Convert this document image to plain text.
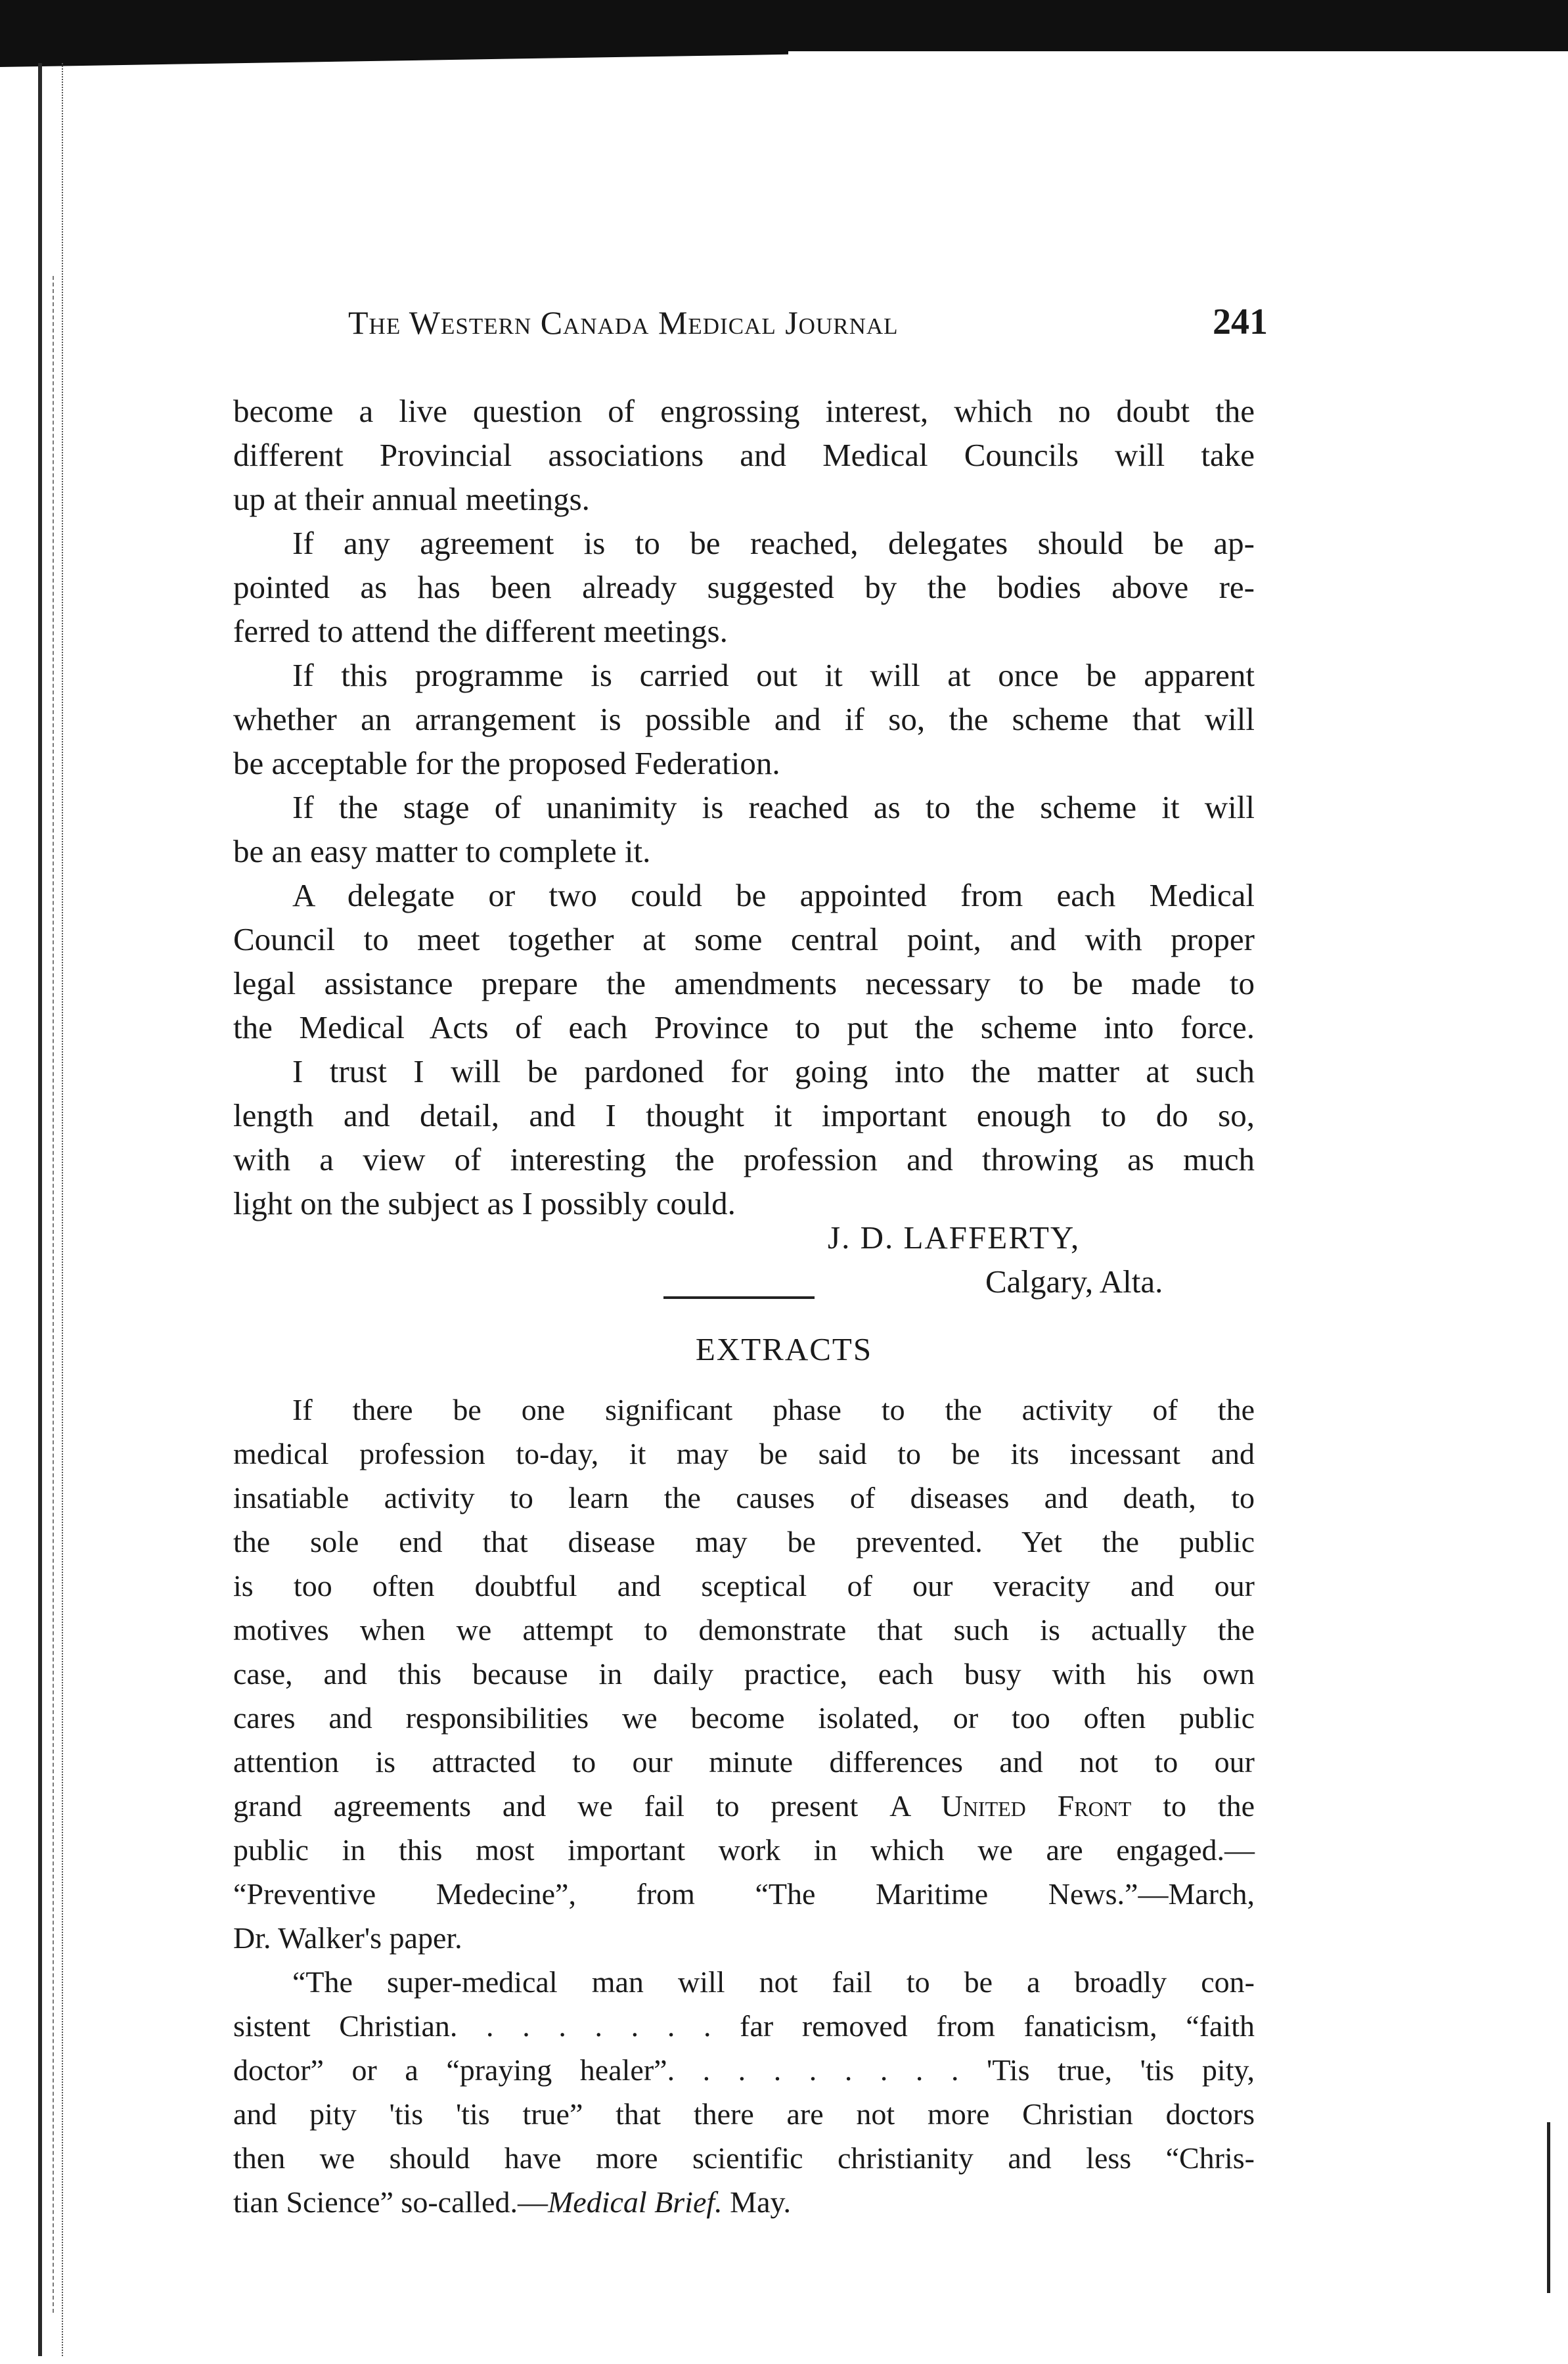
The Western Canada Medical Journal	241
become a live question of engrossing interest, which no doubt the
different Provincial associations and Medical Councils will take
up at their annual meetings.
If any agreement is to be reached, delegates should be ap-
pointed as has been already suggested by the bodies above re-
ferred to attend the different meetings.
If this programme is carried out it will at once be apparent
whether an arrangement is possible and if so, the scheme that will
be acceptable for the proposed Federation.
If the stage of unanimity is reached as to the scheme it will
be an easy matter to complete it.
A delegate or two could be appointed from each Medical
Council to meet together at some central point, and with proper
legal assistance prepare the amendments necessary to be made to
the Medical Acts of each Province to put the scheme into force.
I trust I will be pardoned for going into the matter at such
length and detail, and I thought it important enough to do so,
with a view of interesting the profession and throwing as much
light on the subject as I possibly could.
J. D. LAFFERTY,
Calgary, Alta.
EXTRACTS
If there be one significant phase to the activity of the
medical profession to-day, it may be said to be its incessant and
insatiable activity to learn the causes of diseases and death, to
the sole end that disease may be prevented. Yet the public
is too often doubtful and sceptical of our veracity and our
motives when we attempt to demonstrate that such is actually the
case, and this because in daily practice, each busy with his own
cares and responsibilities we become isolated, or too often public
attention is attracted to our minute differences and not to our
grand agreements and we fail to present A United Front to the
public in this most important work in which we are engaged.—
“Preventive Medecine”, from “The Maritime News.”—March,
Dr. Walker's paper.
“The super-medical man will not fail to be a broadly con-
sistent Christian. . . . . . . . far removed from fanaticism, “faith
doctor” or a “praying healer”. . . . . . . . . 'Tis true, 'tis pity,
and pity 'tis 'tis true” that there are not more Christian doctors
then we should have more scientific christianity and less “Chris-
tian Science” so-called.—Medical Brief. May.
